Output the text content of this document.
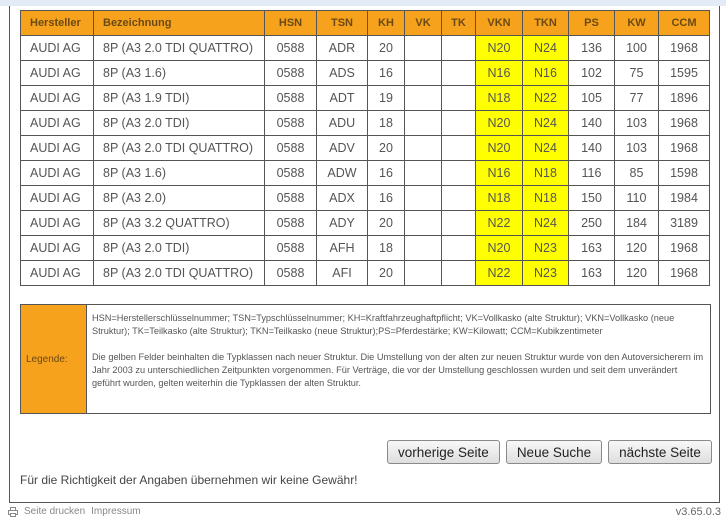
Hersteller	Bezeichnung	HSN	TSN	KH	VK	TK	VKN	TKN	PS	KW	CCM
AUDI AG	8P (A3 2.0 TDI QUATTRO)	0588	ADR	20			N20	N24	136	100	1968
AUDI AG	8P (A3 1.6)	0588	ADS	16			N16	N16	102	75	1595
AUDI AG	8P (A3 1.9 TDI)	0588	ADT	19			N18	N22	105	77	1896
AUDI AG	8P (A3 2.0 TDI)	0588	ADU	18			N20	N24	140	103	1968
AUDI AG	8P (A3 2.0 TDI QUATTRO)	0588	ADV	20			N20	N24	140	103	1968
AUDI AG	8P (A3 1.6)	0588	ADW	16			N16	N18	116	85	1598
AUDI AG	8P (A3 2.0)	0588	ADX	16			N18	N18	150	110	1984
AUDI AG	8P (A3 3.2 QUATTRO)	0588	ADY	20			N22	N24	250	184	3189
AUDI AG	8P (A3 2.0 TDI)	0588	AFH	18			N20	N23	163	120	1968
AUDI AG	8P (A3 2.0 TDI QUATTRO)	0588	AFI	20			N22	N23	163	120	1968
Legende:

HSN=Herstellerschlüsselnummer; TSN=Typschlüsselnummer; KH=Kraftfahrzeughaftpflicht; VK=Vollkasko (alte Struktur); VKN=Vollkasko (neue Struktur); TK=Teilkasko (alte Struktur); TKN=Teilkasko (neue Struktur);PS=Pferdestärke; KW=Kilowatt; CCM=Kubikzentimeter

Die gelben Felder beinhalten die Typklassen nach neuer Struktur. Die Umstellung von der alten zur neuen Struktur wurde von den Autoversicherern im Jahr 2003 zu unterschiedlichen Zeitpunkten vorgenommen. Für Verträge, die vor der Umstellung geschlossen wurden und seit dem unverändert geführt wurden, gelten weiterhin die Typklassen der alten Struktur.

vorherige Seite	Neue Suche	nächste Seite
Für die Richtigkeit der Angaben übernehmen wir keine Gewähr!
Seite drucken Impressum	v3.65.0.3
